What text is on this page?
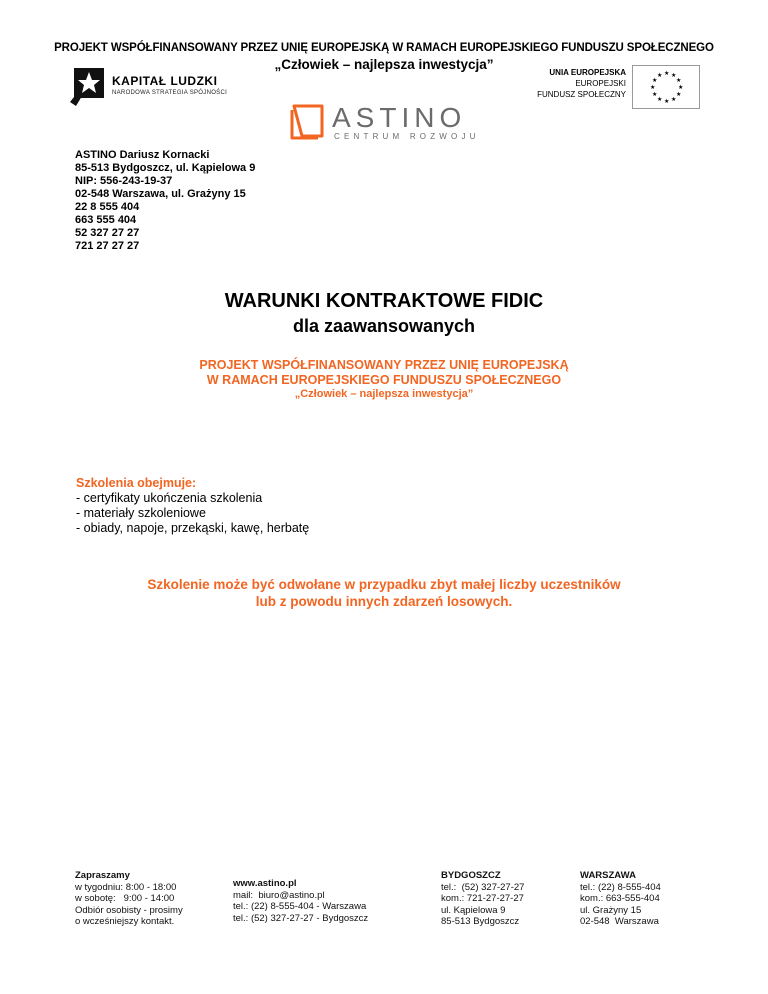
PROJEKT WSPÓŁFINANSOWANY PRZEZ UNIĘ EUROPEJSKĄ W RAMACH EUROPEJSKIEGO FUNDUSZU SPOŁECZNEGO
„Człowiek – najlepsza inwestycja”
KAPITAŁ LUDZKI
NARODOWA STRATEGIA SPÓJNOŚCI
UNIA EUROPEJSKA
EUROPEJSKI
FUNDUSZ SPOŁECZNY
★ ★
★
★
★
★
★
★
★
★
★
★
ASTINO
CENTRUM ROZWOJU
ASTINO Dariusz Kornacki
85-513 Bydgoszcz, ul. Kąpielowa 9
NIP: 556-243-19-37
02-548 Warszawa, ul. Grażyny 15
22 8 555 404
663 555 404
52 327 27 27
721 27 27 27
WARUNKI KONTRAKTOWE FIDIC
dla zaawansowanych
PROJEKT WSPÓŁFINANSOWANY PRZEZ UNIĘ EUROPEJSKĄ
W RAMACH EUROPEJSKIEGO FUNDUSZU SPOŁECZNEGO
„Człowiek – najlepsza inwestycja”
Szkolenia obejmuje:
- certyfikaty ukończenia szkolenia
- materiały szkoleniowe
- obiady, napoje, przekąski, kawę, herbatę
Szkolenie może być odwołane w przypadku zbyt małej liczby uczestników
lub z powodu innych zdarzeń losowych.
Zapraszamy
w tygodniu: 8:00 - 18:00
w sobotę:   9:00 - 14:00
Odbiór osobisty - prosimy
o wcześniejszy kontakt.
www.astino.pl
mail:  biuro@astino.pl
tel.: (22) 8-555-404 - Warszawa
tel.: (52) 327-27-27 - Bydgoszcz
BYDGOSZCZ
tel.:  (52) 327-27-27
kom.: 721-27-27-27
ul. Kąpielowa 9
85-513 Bydgoszcz
WARSZAWA
tel.: (22) 8-555-404
kom.: 663-555-404
ul. Grażyny 15
02-548  Warszawa
